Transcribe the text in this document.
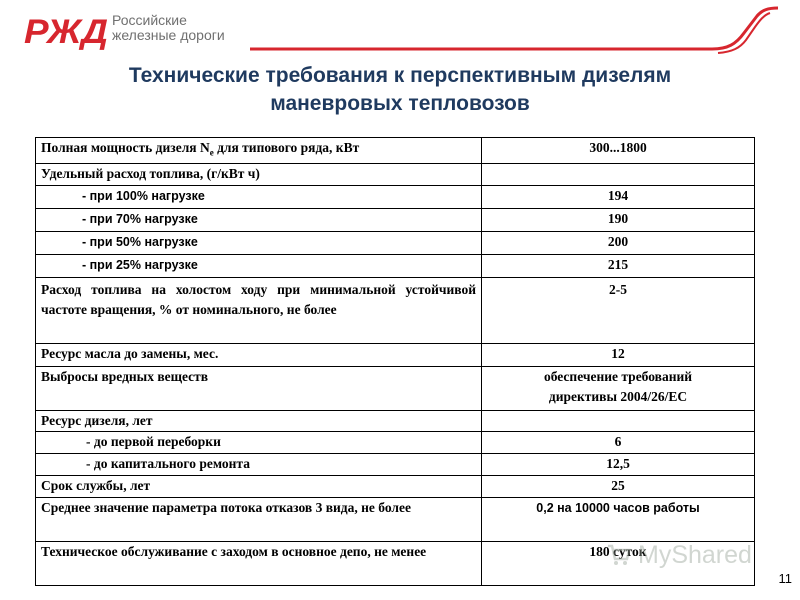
РЖД Российские
железные дороги
Технические требования к перспективным дизелям
маневровых тепловозов
Полная мощность дизеля $N_e$ для типового ряда, кВт	300...1800
Удельный расход топлива, (г/кВт ч)	
- при 100% нагрузке	194
- при 70% нагрузке	190
- при 50% нагрузке	200
- при 25% нагрузке	215
Расход топлива на холостом ходу при минимальной устойчивой частоте вращения, % от номинального, не более	2-5
Ресурс масла до замены, мес.	12
Выбросы вредных веществ	обеспечение требований
директивы 2004/26/ЕС

Ресурс дизеля, лет	
- до первой переборки	6
- до капитального ремонта	12,5
Срок службы, лет	25
Среднее значение параметра потока отказов 3 вида, не более	0,2 на 10000 часов работы
Техническое обслуживание с заходом в основное депо, не менее	180 суток
MyShared
11
